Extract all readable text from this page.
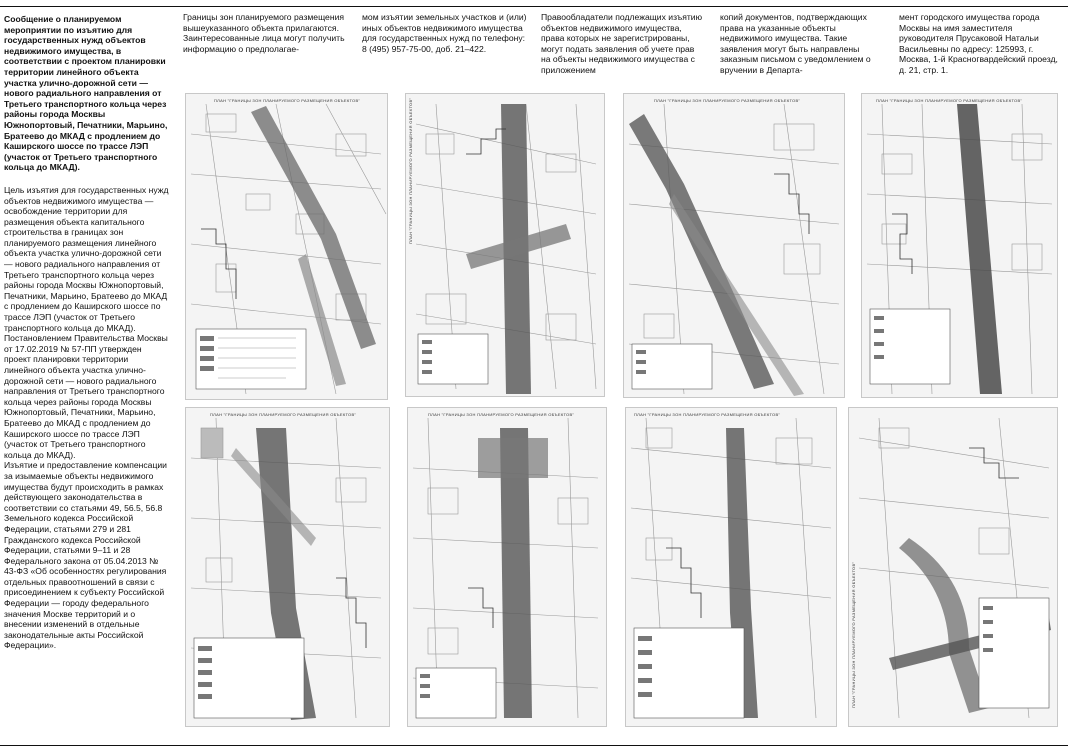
Сообщение о планируемом мероприятии по изъятию для государственных нужд объектов недвижимого имущества, в соответствии с проектом планировки территории линейного объекта участка улично-дорожной сети — нового радиального направления от Третьего транспортного кольца через районы города Москвы Южнопортовый, Печатники, Марьино, Братеево до МКАД с продлением до Каширского шоссе по трассе ЛЭП (участок от Третьего транспортного кольца до МКАД).

Цель изъятия для государственных нужд объектов недвижимого имущества — освобождение территории для размещения объекта капитального строительства в границах зон планируемого размещения линейного объекта участка улично-дорожной сети — нового радиального направления от Третьего транспортного кольца через районы города Москвы Южнопортовый, Печатники, Марьино, Братеево до МКАД с продлением до Каширского шоссе по трассе ЛЭП (участок от Третьего транспортного кольца до МКАД).
Постановлением Правительства Москвы от 17.02.2019 № 57-ПП утвержден проект планировки территории линейного объекта участка улично-дорожной сети — нового радиального направления от Третьего транспортного кольца через районы города Москвы Южнопортовый, Печатники, Марьино, Братеево до МКАД с продлением до Каширского шоссе по трассе ЛЭП (участок от Третьего транспортного кольца до МКАД).
Изъятие и предоставление компенсации за изымаемые объекты недвижимого имущества будут происходить в рамках действующего законодательства в соответствии со статьями 49, 56.5, 56.8 Земельного кодекса Российской Федерации, статьями 279 и 281 Гражданского кодекса Российской Федерации, статьями 9–11 и 28 Федерального закона от 05.04.2013 № 43-ФЗ «Об особенностях регулирования отдельных правоотношений в связи с присоединением к субъекту Российской Федерации — городу федерального значения Москве территорий и о внесении изменений в отдельные законодательные акты Российской Федерации».

Границы зон планируемого размещения вышеуказанного объекта прилагаются.
Заинтересованные лица могут получить информацию о предполагае-

мом изъятии земельных участков и (или) иных объектов недвижимого имущества для государственных нужд по телефону: 8 (495) 957-75-00, доб. 21–422.

Правообладатели подлежащих изъятию объектов недвижимого имущества, права которых не зарегистрированы, могут подать заявления об учете прав на объекты недвижимого имущества с приложением

копий документов, подтверждающих права на указанные объекты недвижимого имущества. Такие заявления могут быть направлены заказным письмом с уведомлением о вручении в Департа-

мент городского имущества города Москвы на имя заместителя руководителя Прусаковой Натальи Васильевны по адресу: 125993, г. Москва, 1-й Красногвардейский проезд, д. 21, стр. 1.

ПЛАН "ГРАНИЦЫ ЗОН ПЛАНИРУЕМОГО РАЗМЕЩЕНИЯ ОБЪЕКТОВ"	ПЛАН "ГРАНИЦЫ ЗОН ПЛАНИРУЕМОГО РАЗМЕЩЕНИЯ ОБЪЕКТОВ"	ПЛАН "ГРАНИЦЫ ЗОН ПЛАНИРУЕМОГО РАЗМЕЩЕНИЯ ОБЪЕКТОВ"	ПЛАН "ГРАНИЦЫ ЗОН ПЛАНИРУЕМОГО РАЗМЕЩЕНИЯ ОБЪЕКТОВ"
ПЛАН "ГРАНИЦЫ ЗОН ПЛАНИРУЕМОГО РАЗМЕЩЕНИЯ ОБЪЕКТОВ"	ПЛАН "ГРАНИЦЫ ЗОН ПЛАНИРУЕМОГО РАЗМЕЩЕНИЯ ОБЪЕКТОВ"	ПЛАН "ГРАНИЦЫ ЗОН ПЛАНИРУЕМОГО РАЗМЕЩЕНИЯ ОБЪЕКТОВ"
ПЛАН "ГРАНИЦЫ ЗОН ПЛАНИРУЕМОГО РАЗМЕЩЕНИЯ ОБЪЕКТОВ"
